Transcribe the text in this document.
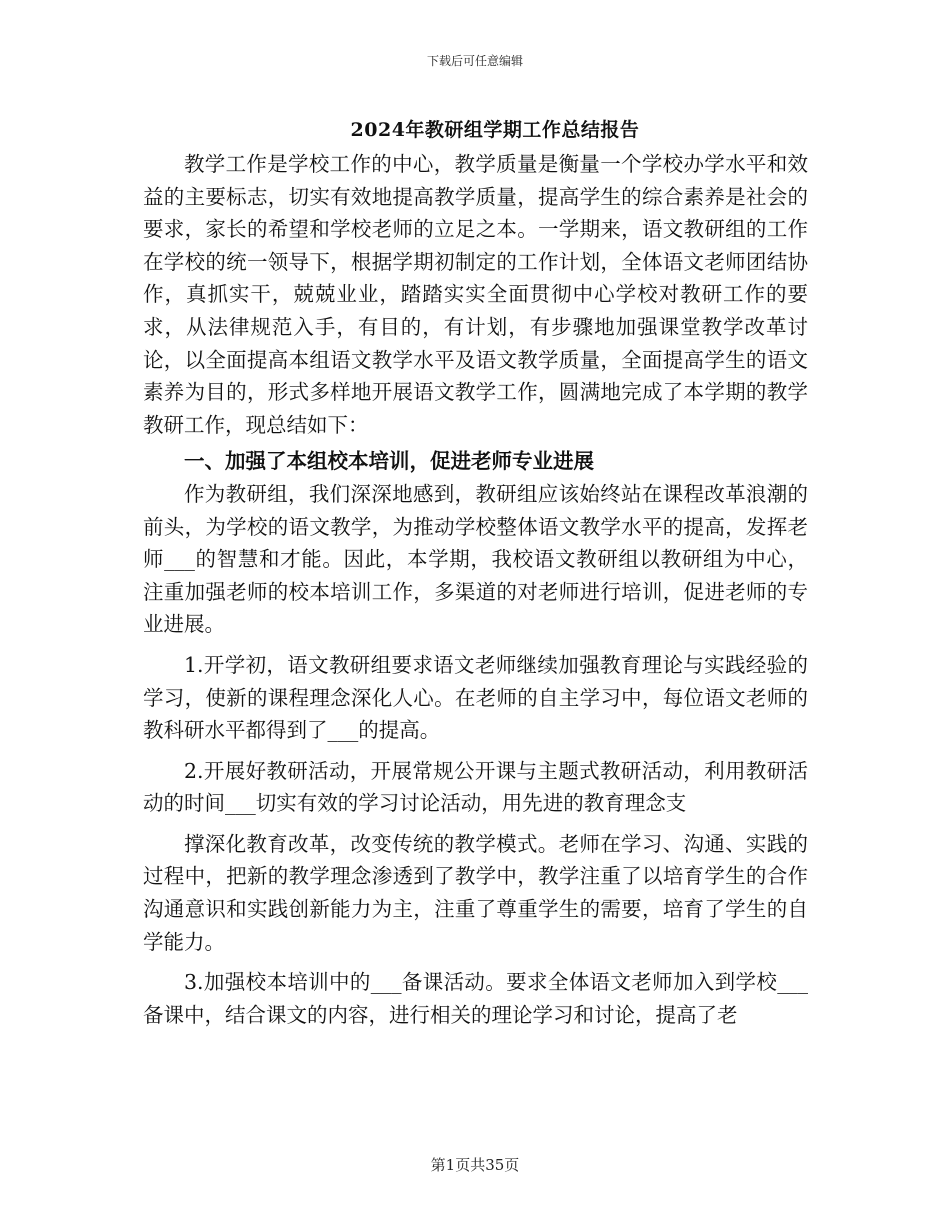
下载后可任意编辑
2024年教研组学期工作总结报告

教学工作是学校工作的中心，教学质量是衡量一个学校办学水平和效益的主要标志，切实有效地提高教学质量，提高学生的综合素养是社会的要求，家长的希望和学校老师的立足之本。一学期来，语文教研组的工作在学校的统一领导下，根据学期初制定的工作计划，全体语文老师团结协作，真抓实干，兢兢业业，踏踏实实全面贯彻中心学校对教研工作的要求，从法律规范入手，有目的，有计划，有步骤地加强课堂教学改革讨论，以全面提高本组语文教学水平及语文教学质量，全面提高学生的语文素养为目的，形式多样地开展语文教学工作，圆满地完成了本学期的教学教研工作，现总结如下：

一、加强了本组校本培训，促进老师专业进展

作为教研组，我们深深地感到，教研组应该始终站在课程改革浪潮的前头，为学校的语文教学，为推动学校整体语文教学水平的提高，发挥老师___的智慧和才能。因此，本学期，我校语文教研组以教研组为中心，注重加强老师的校本培训工作，多渠道的对老师进行培训，促进老师的专业进展。

1.开学初，语文教研组要求语文老师继续加强教育理论与实践经验的学习，使新的课程理念深化人心。在老师的自主学习中，每位语文老师的教科研水平都得到了___的提高。

2.开展好教研活动，开展常规公开课与主题式教研活动，利用教研活动的时间___切实有效的学习讨论活动，用先进的教育理念支

撑深化教育改革，改变传统的教学模式。老师在学习、沟通、实践的过程中，把新的教学理念渗透到了教学中，教学注重了以培育学生的合作沟通意识和实践创新能力为主，注重了尊重学生的需要，培育了学生的自学能力。

3.加强校本培训中的___备课活动。要求全体语文老师加入到学校___备课中，结合课文的内容，进行相关的理论学习和讨论，提高了老

第1页共35页
